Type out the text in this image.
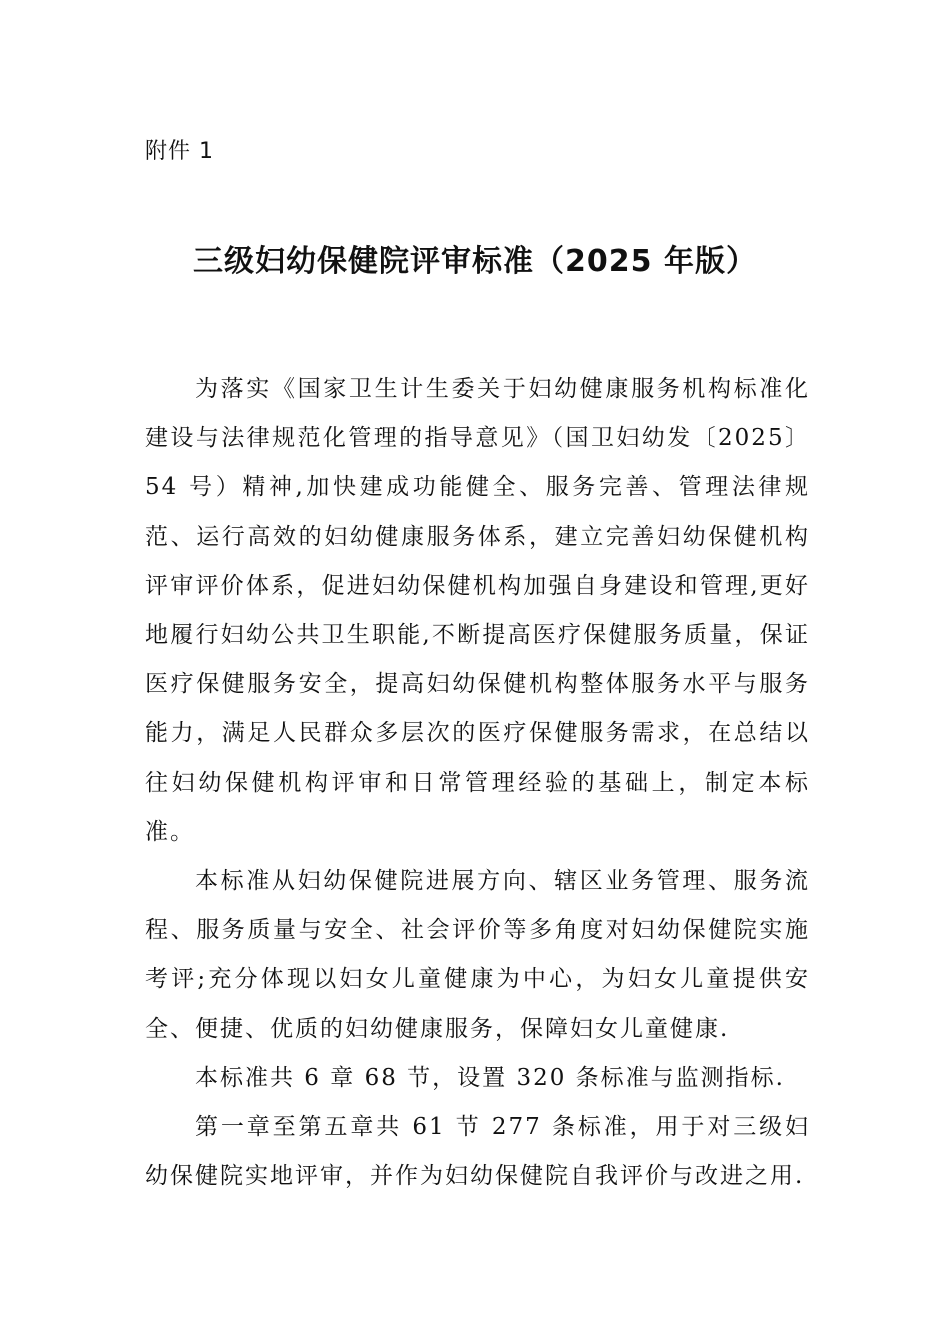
附件 1
三级妇幼保健院评审标准（2025 年版）

为落实《国家卫生计生委关于妇幼健康服务机构标准化建设与法律规范化管理的指导意见》（国卫妇幼发〔2025〕54 号）精神,加快建成功能健全、服务完善、管理法律规范、运行高效的妇幼健康服务体系，建立完善妇幼保健机构评审评价体系，促进妇幼保健机构加强自身建设和管理,更好地履行妇幼公共卫生职能,不断提高医疗保健服务质量，保证医疗保健服务安全，提高妇幼保健机构整体服务水平与服务能力，满足人民群众多层次的医疗保健服务需求，在总结以往妇幼保健机构评审和日常管理经验的基础上，制定本标准。

本标准从妇幼保健院进展方向、辖区业务管理、服务流程、服务质量与安全、社会评价等多角度对妇幼保健院实施考评;充分体现以妇女儿童健康为中心，为妇女儿童提供安全、便捷、优质的妇幼健康服务，保障妇女儿童健康.

本标准共 6 章 68 节，设置 320 条标准与监测指标.

第一章至第五章共 61 节 277 条标准，用于对三级妇幼保健院实地评审，并作为妇幼保健院自我评价与改进之用.
